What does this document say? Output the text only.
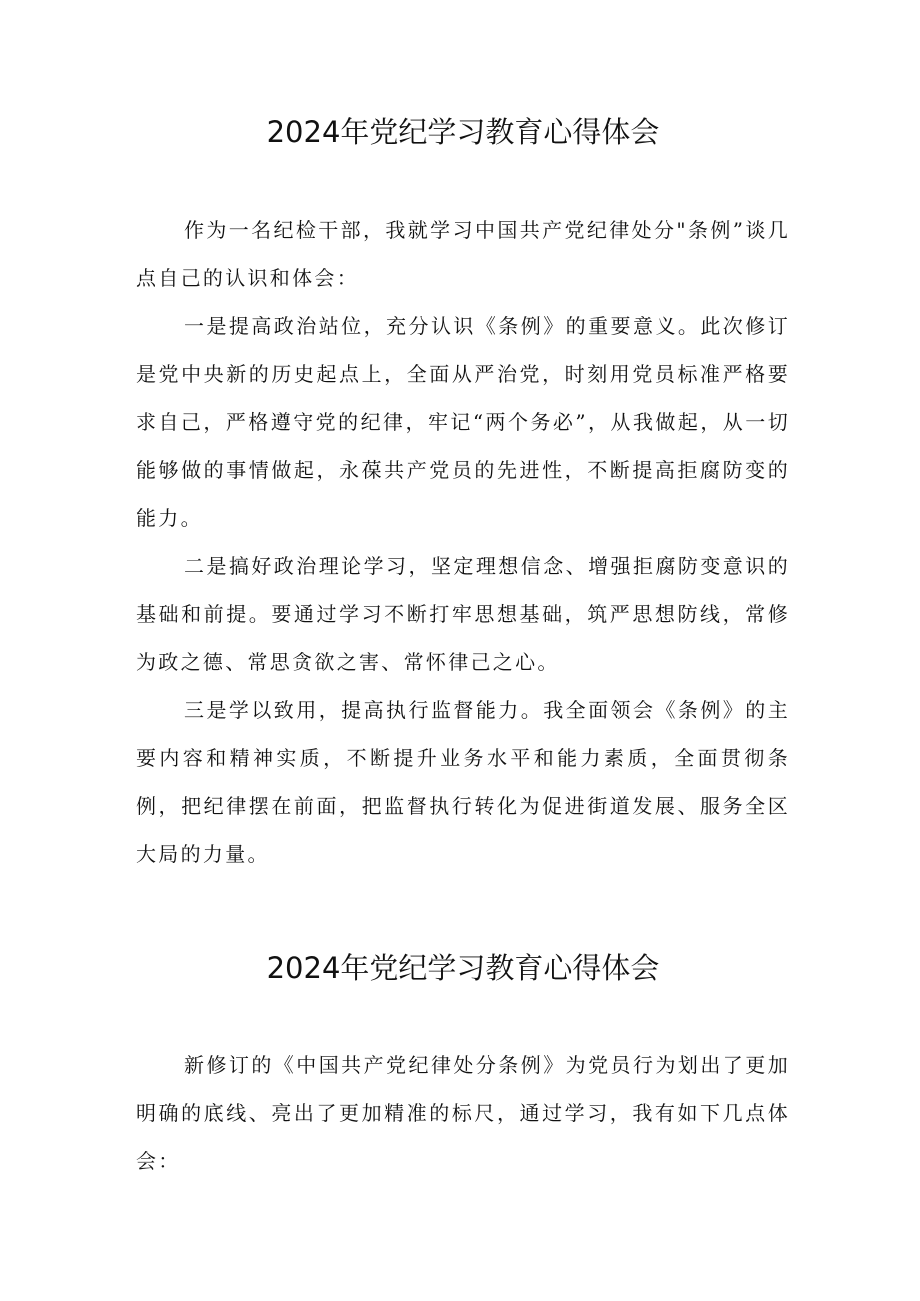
2024年党纪学习教育心得体会

作为一名纪检干部，我就学习中国共产党纪律处分"条例”谈几点自己的认识和体会：

一是提高政治站位，充分认识《条例》的重要意义。此次修订是党中央新的历史起点上，全面从严治党，时刻用党员标准严格要求自己，严格遵守党的纪律，牢记“两个务必”，从我做起，从一切能够做的事情做起，永葆共产党员的先进性，不断提高拒腐防变的能力。

二是搞好政治理论学习，坚定理想信念、增强拒腐防变意识的基础和前提。要通过学习不断打牢思想基础，筑严思想防线，常修为政之德、常思贪欲之害、常怀律己之心。

三是学以致用，提高执行监督能力。我全面领会《条例》的主要内容和精神实质，不断提升业务水平和能力素质，全面贯彻条例，把纪律摆在前面，把监督执行转化为促进街道发展、服务全区大局的力量。

2024年党纪学习教育心得体会

新修订的《中国共产党纪律处分条例》为党员行为划出了更加明确的底线、亮出了更加精准的标尺，通过学习，我有如下几点体会：
